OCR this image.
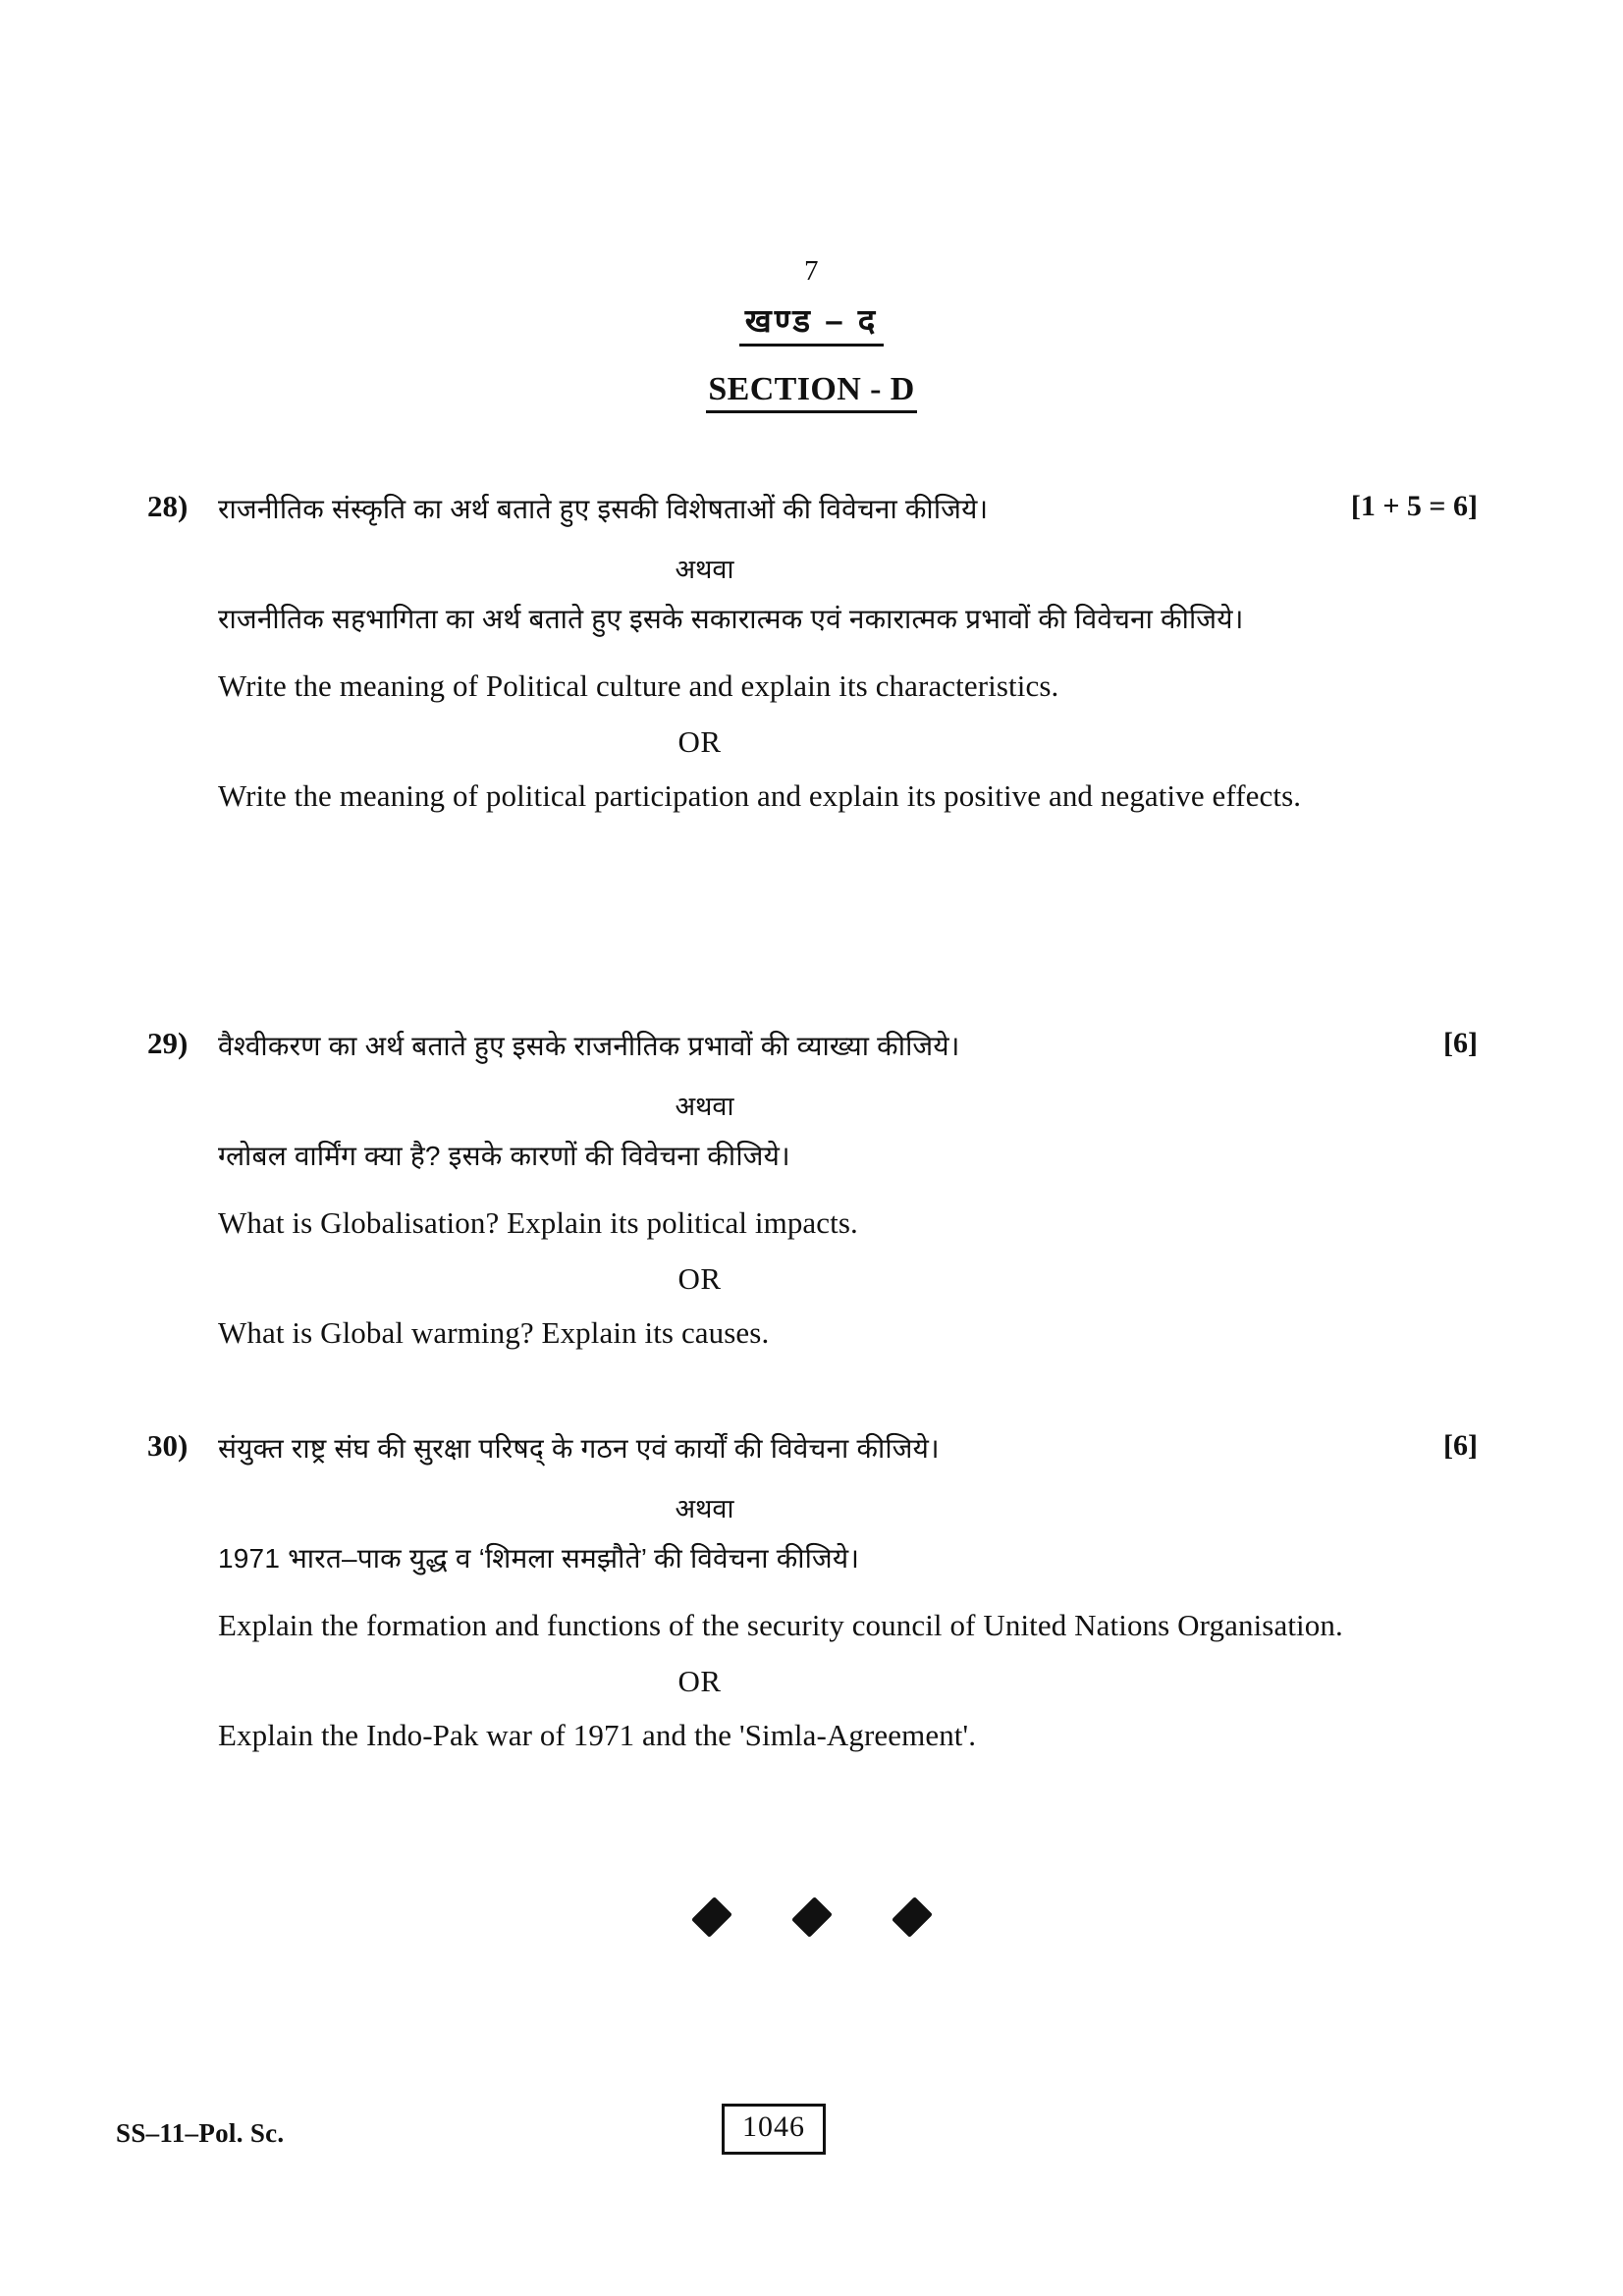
7
खण्ड – द
SECTION - D
28)	राजनीतिक संस्कृति का अर्थ बताते हुए इसकी विशेषताओं की विवेचना कीजिये।	[1 + 5 = 6]
अथवा
राजनीतिक सहभागिता का अर्थ बताते हुए इसके सकारात्मक एवं नकारात्मक प्रभावों की विवेचना कीजिये।
Write the meaning of Political culture and explain its characteristics.
OR
Write the meaning of political participation and explain its positive and negative effects.
29)	वैश्वीकरण का अर्थ बताते हुए इसके राजनीतिक प्रभावों की व्याख्या कीजिये।	[6]
अथवा
ग्लोबल वार्मिंग क्या है? इसके कारणों की विवेचना कीजिये।
What is Globalisation? Explain its political impacts.
OR
What is Global warming? Explain its causes.
30)	संयुक्त राष्ट्र संघ की सुरक्षा परिषद् के गठन एवं कार्यों की विवेचना कीजिये।	[6]
अथवा
1971 भारत–पाक युद्ध व ‘शिमला समझौते’ की विवेचना कीजिये।
Explain the formation and functions of the security council of United Nations Organisation.
OR
Explain the Indo-Pak war of 1971 and the 'Simla-Agreement'.

SS–11–Pol. Sc.	1046
